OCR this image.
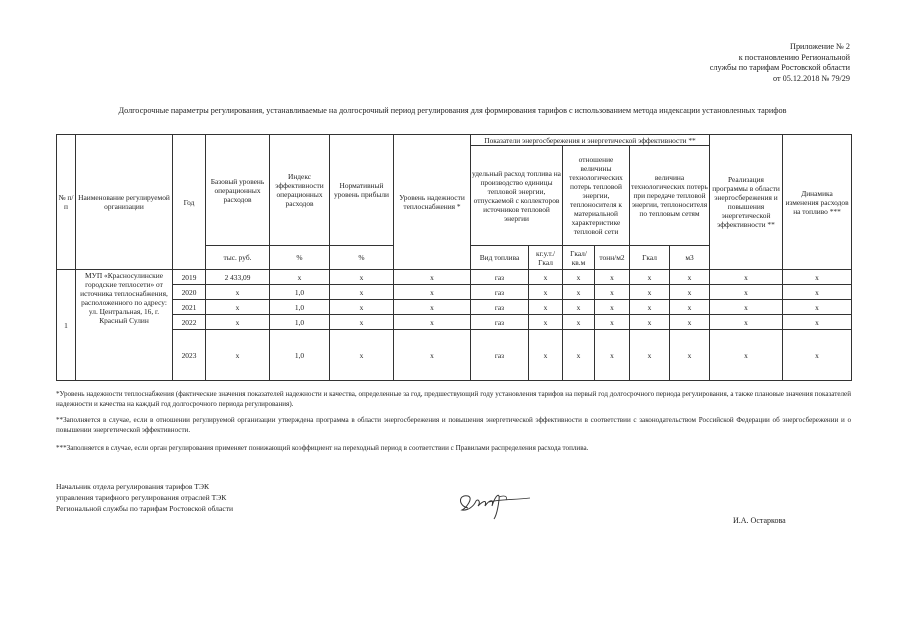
Приложение № 2
к постановлению Региональной
службы по тарифам Ростовской области
от 05.12.2018 № 79/29
Долгосрочные параметры регулирования, устанавливаемые на долгосрочный период регулирования для формирования тарифов с использованием метода индексации установленных тарифов
№ п/п	Наименование регулируемой организации	Год	Базовый уровень операционных расходов	Индекс эффективности операционных расходов	Нормативный уровень прибыли	Уровень надежности теплоснабжения *	Показатели энергосбережения и энергетической эффективности **						Реализация программы в области энергосбережения и повышения энергетической эффективности **	Динамика изменения расходов на топливо ***
							удельный расход топлива на производство единицы тепловой энергии, отпускаемой с коллекторов источников тепловой энергии		отношение величины технологических потерь тепловой энергии, теплоносителя к материальной характеристике тепловой сети		величина технологических потерь при передаче тепловой энергии, теплоносителя по тепловым сетям			
			тыс. руб.	%	%		Вид топлива	кг.у.т./ Гкал	Гкал/ кв.м	тонн/м2	Гкал	м3		
1	МУП «Красносулинские городские теплосети» от источника теплоснабжения, расположенного по адресу: ул. Центральная, 16, г. Красный Сулин	2019	2 433,09	x	x	x	газ	x	x	x	x	x	x	x
		2020	x	1,0	x	x	газ	x	x	x	x	x	x	x
		2021	x	1,0	x	x	газ	x	x	x	x	x	x	x
		2022	x	1,0	x	x	газ	x	x	x	x	x	x	x
		2023	x	1,0	x	x	газ	x	x	x	x	x	x	x
*Уровень надежности теплоснабжения (фактические значения показателей надежности и качества, определенные за год, предшествующий году установления тарифов на первый год долгосрочного периода регулирования, а также плановые значения показателей надежности и качества на каждый год долгосрочного периода регулирования).
**Заполняется в случае, если в отношении регулируемой организации утверждена программа в области энергосбережения и повышения энергетической эффективности в соответствии с законодательством Российской Федерации об энергосбережении и о повышении энергетической эффективности.
***Заполняется в случае, если орган регулирования применяет понижающий коэффициент на переходный период в соответствии с Правилами распределения расхода топлива.
Начальник отдела регулирования тарифов ТЭК
управления тарифного регулирования отраслей ТЭК
Региональной службы по тарифам Ростовской области
И.А. Остаркова
